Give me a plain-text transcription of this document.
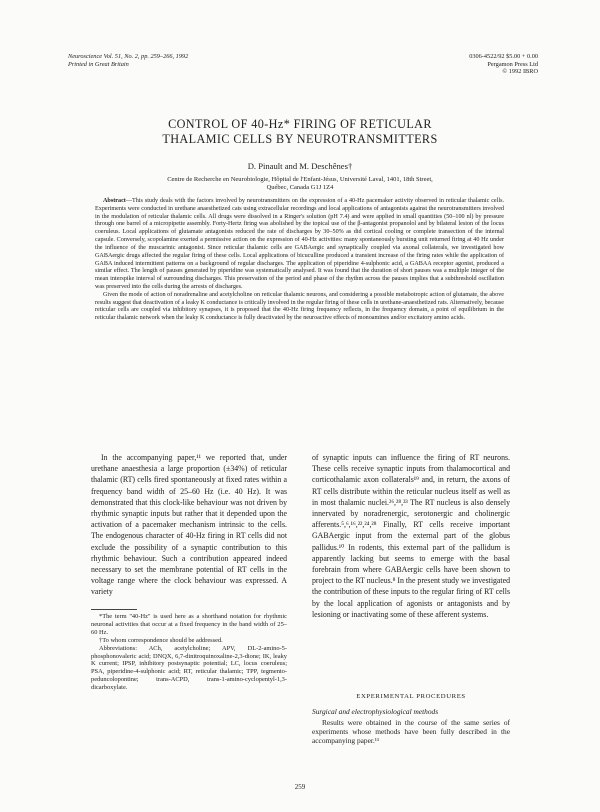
Neuroscience Vol. 51, No. 2, pp. 259–266, 1992
Printed in Great Britain
0306-4522/92 $5.00 + 0.00
Pergamon Press Ltd
© 1992 IBRO
CONTROL OF 40-Hz* FIRING OF RETICULAR
THALAMIC CELLS BY NEUROTRANSMITTERS
D. Pinault and M. Deschênes†
Centre de Recherche en Neurobiologie, Hôpital de l'Enfant-Jésus, Université Laval, 1401, 18th Street,
Québec, Canada G1J 1Z4

Abstract—This study deals with the factors involved by neurotransmitters on the expression of a 40-Hz pacemaker activity observed in reticular thalamic cells. Experiments were conducted in urethane anaesthetized cats using extracellular recordings and local applications of antagonists against the neurotransmitters involved in the modulation of reticular thalamic cells. All drugs were dissolved in a Ringer's solution (pH 7.4) and were applied in small quantities (50–100 nl) by pressure through one barrel of a micropipette assembly. Forty-Hertz firing was abolished by the topical use of the β-antagonist propanolol and by bilateral lesion of the locus coeruleus. Local applications of glutamate antagonists reduced the rate of discharges by 30–50% as did cortical cooling or complete transection of the internal capsule. Conversely, scopolamine exerted a permissive action on the expression of 40-Hz activities: many spontaneously bursting unit returned firing at 40 Hz under the influence of the muscarinic antagonist. Since reticular thalamic cells are GABAergic and synaptically coupled via axonal collaterals, we investigated how GABAergic drugs affected the regular firing of these cells. Local applications of bicuculline produced a transient increase of the firing rates while the application of GABA induced intermittent patterns on a background of regular discharges. The application of piperidine 4-sulphonic acid, a GABAA receptor agonist, produced a similar effect. The length of pauses generated by piperidine was systematically analysed. It was found that the duration of short pauses was a multiple integer of the mean interspike interval of surrounding discharges. This preservation of the period and phase of the rhythm across the pauses implies that a subthreshold oscillation was preserved into the cells during the arrests of discharges.

Given the mode of action of noradrenaline and acetylcholine on reticular thalamic neurons, and considering a possible metabotropic action of glutamate, the above results suggest that deactivation of a leaky K conductance is critically involved in the regular firing of these cells in urethane-anaesthetized rats. Alternatively, because reticular cells are coupled via inhibitory synapses, it is proposed that the 40-Hz firing frequency reflects, in the frequency domain, a point of equilibrium in the reticular thalamic network when the leaky K conductance is fully deactivated by the neuroactive effects of monoamines and/or excitatory amino acids.

In the accompanying paper,¹¹ we reported that, under urethane anaesthesia a large proportion (±34%) of reticular thalamic (RT) cells fired spontaneously at fixed rates within a frequency band width of 25–60 Hz (i.e. 40 Hz). It was demonstrated that this clock-like behaviour was not driven by rhythmic synaptic inputs but rather that it depended upon the activation of a pacemaker mechanism intrinsic to the cells. The endogenous character of 40-Hz firing in RT cells did not exclude the possibility of a synaptic contribution to this rhythmic behaviour. Such a contribution appeared indeed necessary to set the membrane potential of RT cells in the voltage range where the clock behaviour was expressed. A variety

*The term "40-Hz" is used here as a shorthand notation for rhythmic neuronal activities that occur at a fixed frequency in the band width of 25–60 Hz.

†To whom correspondence should be addressed.

Abbreviations: ACh, acetylcholine; APV, DL-2-amino-5-phosphonovaleric acid; DNQX, 6,7-dinitroquinoxaline-2,3-dione; IK, leaky K current; IPSP, inhibitory postsynaptic potential; LC, locus coeruleus; PSA, piperidine-4-sulphonic acid; RT, reticular thalamic; TPP, tegmento-peduncolopontine; trans-ACPD, trans-1-amino-cyclopentyl-1,3-dicarboxylate.

of synaptic inputs can influence the firing of RT neurons. These cells receive synaptic inputs from thalamocortical and corticothalamic axon collaterals¹⁹ and, in return, the axons of RT cells distribute within the reticular nucleus itself as well as in most thalamic nuclei.²⁶,²⁸,³³ The RT nucleus is also densely innervated by noradrenergic, serotonergic and cholinergic afferents.⁵,⁶,¹⁶,²²,²⁴,²⁸ Finally, RT cells receive important GABAergic input from the external part of the globus pallidus.¹⁰ In rodents, this external part of the pallidum is apparently lacking but seems to emerge with the basal forebrain from where GABAergic cells have been shown to project to the RT nucleus.⁸ In the present study we investigated the contribution of these inputs to the regular firing of RT cells by the local application of agonists or antagonists and by lesioning or inactivating some of these afferent systems.

EXPERIMENTAL PROCEDURES
Surgical and electrophysiological methods
Results were obtained in the course of the same series of experiments whose methods have been fully described in the accompanying paper.¹¹
259
